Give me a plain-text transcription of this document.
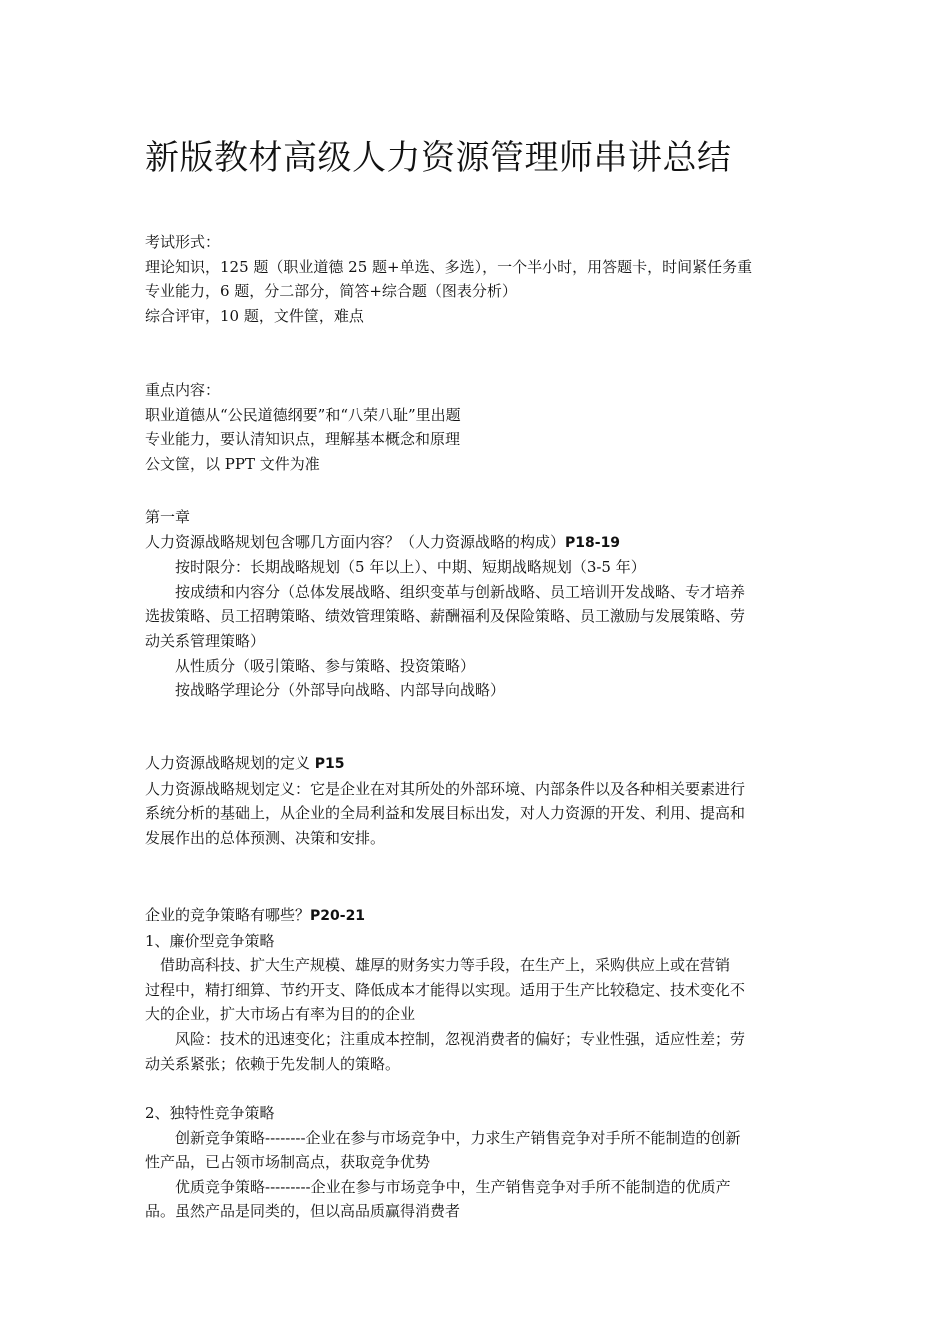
新版教材高级人力资源管理师串讲总结
考试形式：
理论知识，125 题（职业道德 25 题+单选、多选），一个半小时，用答题卡，时间紧任务重
专业能力，6 题，分二部分，简答+综合题（图表分析）
综合评审，10 题，文件筐，难点
重点内容：
职业道德从“公民道德纲要”和“八荣八耻”里出题
专业能力，要认清知识点，理解基本概念和原理
公文筐，以 PPT 文件为准
第一章
人力资源战略规划包含哪几方面内容？（人力资源战略的构成）P18-19
按时限分：长期战略规划（5 年以上）、中期、短期战略规划（3-5 年）
按成绩和内容分（总体发展战略、组织变革与创新战略、员工培训开发战略、专才培养
选拔策略、员工招聘策略、绩效管理策略、薪酬福利及保险策略、员工激励与发展策略、劳
动关系管理策略）
从性质分（吸引策略、参与策略、投资策略）
按战略学理论分（外部导向战略、内部导向战略）
人力资源战略规划的定义 P15
人力资源战略规划定义：它是企业在对其所处的外部环境、内部条件以及各种相关要素进行
系统分析的基础上，从企业的全局利益和发展目标出发，对人力资源的开发、利用、提高和
发展作出的总体预测、决策和安排。
企业的竞争策略有哪些？P20-21
1、廉价型竞争策略
借助高科技、扩大生产规模、雄厚的财务实力等手段，在生产上，采购供应上或在营销
过程中，精打细算、节约开支、降低成本才能得以实现。适用于生产比较稳定、技术变化不
大的企业，扩大市场占有率为目的的企业
风险：技术的迅速变化；注重成本控制，忽视消费者的偏好；专业性强，适应性差；劳
动关系紧张；依赖于先发制人的策略。
2、独特性竞争策略
创新竞争策略--------企业在参与市场竞争中，力求生产销售竞争对手所不能制造的创新
性产品，已占领市场制高点，获取竞争优势
优质竞争策略---------企业在参与市场竞争中，生产销售竞争对手所不能制造的优质产
品。虽然产品是同类的，但以高品质赢得消费者
